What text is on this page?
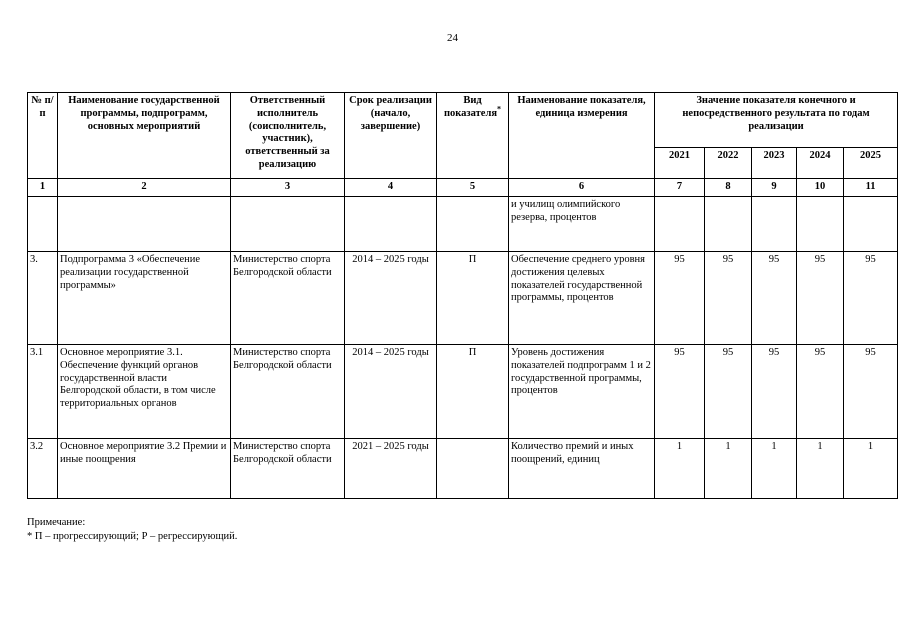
24
№ п/п	Наименование государственной программы, подпрограмм, основных мероприятий	Ответственный исполнитель (соисполнитель, участник), ответственный за реализацию	Срок реализации (начало, завершение)	Вид показателя*	Наименование показателя, единица измерения	Значение показателя конечного и непосредственного результата по годам реализации				
						2021	2022	2023	2024	2025
1	2	3	4	5	6	7	8	9	10	11
					и училищ олимпийского резерва, процентов					
3.	Подпрограмма 3 «Обеспечение реализации государственной программы»	Министерство спорта Белгородской области	2014 – 2025 годы	П	Обеспечение среднего уровня достижения целевых показателей государственной программы, процентов	95	95	95	95	95
3.1	Основное мероприятие 3.1. Обеспечение функций органов государственной власти Белгородской области, в том числе территориальных органов	Министерство спорта Белгородской области	2014 – 2025 годы	П	Уровень достижения показателей подпрограмм 1 и 2 государственной программы, процентов	95	95	95	95	95
3.2	Основное мероприятие 3.2 Премии и иные поощрения	Министерство спорта Белгородской области	2021 – 2025 годы		Количество премий и иных поощрений, единиц	1	1	1	1	1
Примечание:
* П – прогрессирующий; Р – регрессирующий.
